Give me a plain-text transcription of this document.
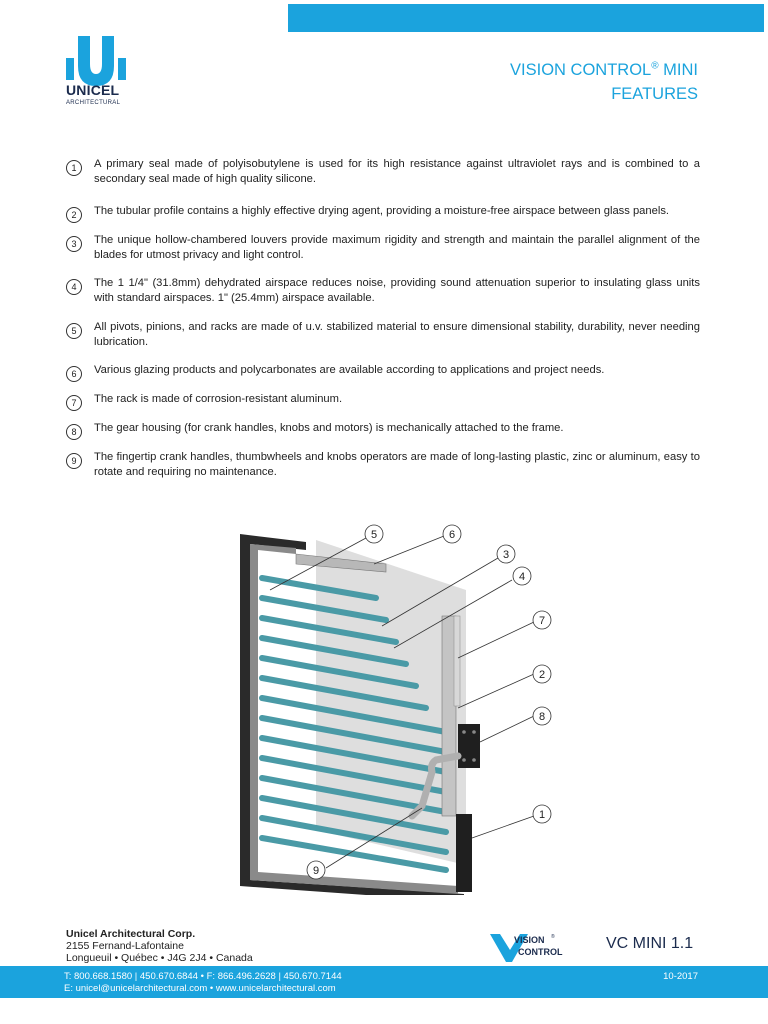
UNICEL
ARCHITECTURAL
VISION CONTROL® MINI
FEATURES
1	A primary seal made of polyisobutylene is used for its high resistance against ultraviolet rays and is combined to a secondary seal made of high quality silicone.
2	The tubular profile contains a highly effective drying agent, providing a moisture-free airspace between glass panels.
3	The unique hollow-chambered louvers provide maximum rigidity and strength and maintain the parallel alignment of the blades for utmost privacy and light control.
4	The 1 1/4" (31.8mm) dehydrated airspace reduces noise, providing sound attenuation superior to insulating glass units with standard airspaces. 1" (25.4mm) airspace available.
5	All pivots, pinions, and racks are made of u.v. stabilized material to ensure dimensional stability, durability, never needing lubrication.
6	Various glazing products and polycarbonates are available according to applications and project needs.
7	The rack is made of corrosion-resistant aluminum.
8	The gear housing (for crank handles, knobs and motors) is mechanically attached to the frame.
9	The fingertip crank handles, thumbwheels and knobs operators are made of long-lasting plastic, zinc or aluminum, easy to rotate and requiring no maintenance.
5	6
3
4
7
2
8
1
9
Unicel Architectural Corp.
2155 Fernand-Lafontaine
Longueuil • Québec • J4G 2J4 • Canada
VISION ®
CONTROL	VC MINI 1.1
T: 800.668.1580 | 450.670.6844 • F: 866.496.2628 | 450.670.7144
E: unicel@unicelarchitectural.com • www.unicelarchitectural.com
10-2017
